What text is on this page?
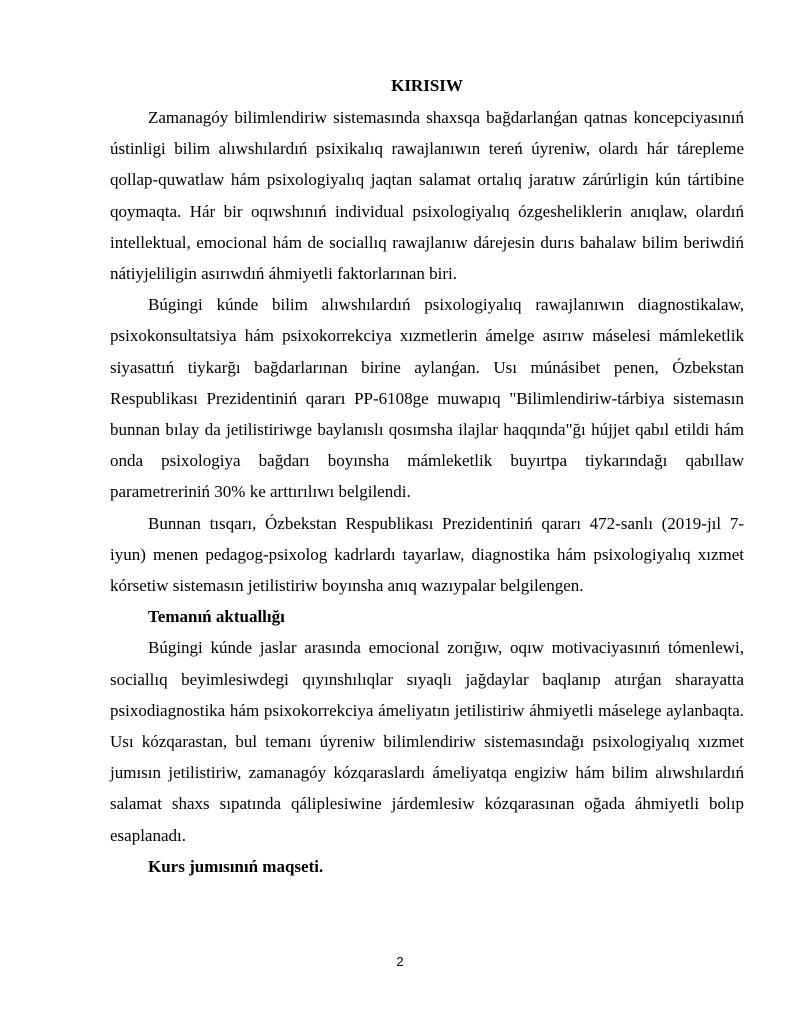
KIRISIW

Zamanagóy bilimlendiriw sistemasında shaxsqa bağdarlanǵan qatnas koncepciyasınıń ústinligi bilim alıwshılardıń psixikalıq rawajlanıwın tereń úyreniw, olardı hár tárepleme qollap-quwatlaw hám psixologiyalıq jaqtan salamat ortalıq jaratıw zárúrligin kún tártibine qoymaqta. Hár bir oqıwshınıń individual psixologiyalıq ózgesheliklerin anıqlaw, olardıń intellektual, emocional hám de sociallıq rawajlanıw dárejesin durıs bahalaw bilim beriwdiń nátiyjeliligin asırıwdıń áhmiyetli faktorlarınan biri.

Búgingi kúnde bilim alıwshılardıń psixologiyalıq rawajlanıwın diagnostikalaw, psixokonsultatsiya hám psixokorrekciya xızmetlerin ámelge asırıw máselesi mámleketlik siyasattıń tiykarğı bağdarlarınan birine aylanǵan. Usı múnásibet penen, Ózbekstan Respublikası Prezidentiniń qararı PP-6108ge muwapıq "Bilimlendiriw-tárbiya sistemasın bunnan bılay da jetilistiriwge baylanıslı qosımsha ilajlar haqqında"ğı hújjet qabıl etildi hám onda psixologiya bağdarı boyınsha mámleketlik buyırtpa tiykarındağı qabıllaw parametreriniń 30% ke arttırılıwı belgilendi.

Bunnan tısqarı, Ózbekstan Respublikası Prezidentiniń qararı 472-sanlı (2019-jıl 7-iyun) menen pedagog-psixolog kadrlardı tayarlaw, diagnostika hám psixologiyalıq xızmet kórsetiw sistemasın jetilistiriw boyınsha anıq wazıypalar belgilengen.

Temanıń aktuallığı

Búgingi kúnde jaslar arasında emocional zorığıw, oqıw motivaciyasınıń tómenlewi, sociallıq beyimlesiwdegi qıyınshılıqlar sıyaqlı jağdaylar baqlanıp atırǵan sharayatta psixodiagnostika hám psixokorrekciya ámeliyatın jetilistiriw áhmiyetli máselege aylanbaqta. Usı kózqarastan, bul temanı úyreniw bilimlendiriw sistemasındağı psixologiyalıq xızmet jumısın jetilistiriw, zamanagóy kózqaraslardı ámeliyatqa engiziw hám bilim alıwshılardıń salamat shaxs sıpatında qáliplesiwine járdemlesiw kózqarasınan oğada áhmiyetli bolıp esaplanadı.

Kurs jumısınıń maqseti.

2
